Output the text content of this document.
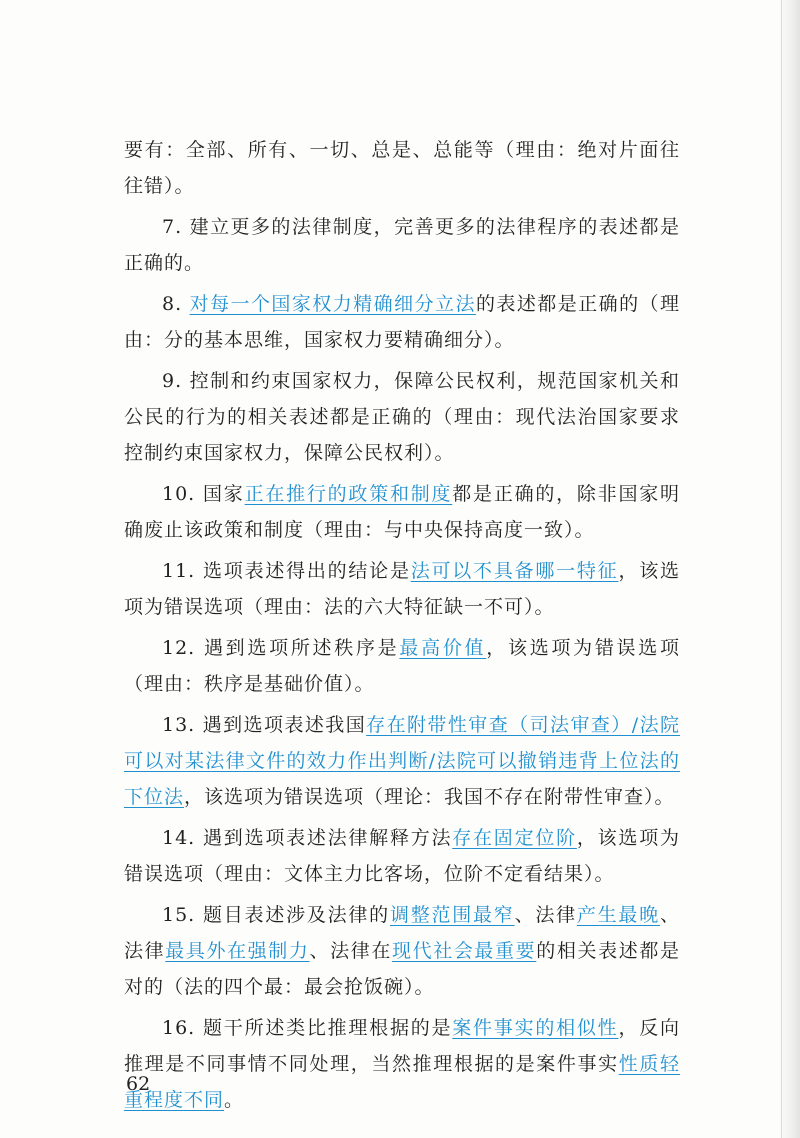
要有：全部、所有、一切、总是、总能等（理由：绝对片面往往错）。

7. 建立更多的法律制度，完善更多的法律程序的表述都是正确的。

8. 对每一个国家权力精确细分立法的表述都是正确的（理由：分的基本思维，国家权力要精确细分）。

9. 控制和约束国家权力，保障公民权利，规范国家机关和公民的行为的相关表述都是正确的（理由：现代法治国家要求控制约束国家权力，保障公民权利）。

10. 国家正在推行的政策和制度都是正确的，除非国家明确废止该政策和制度（理由：与中央保持高度一致）。

11. 选项表述得出的结论是法可以不具备哪一特征，该选项为错误选项（理由：法的六大特征缺一不可）。

12. 遇到选项所述秩序是最高价值，该选项为错误选项（理由：秩序是基础价值）。

13. 遇到选项表述我国存在附带性审查（司法审查）/法院可以对某法律文件的效力作出判断/法院可以撤销违背上位法的下位法，该选项为错误选项（理论：我国不存在附带性审查）。

14. 遇到选项表述法律解释方法存在固定位阶，该选项为错误选项（理由：文体主力比客场，位阶不定看结果）。

15. 题目表述涉及法律的调整范围最窄、法律产生最晚、法律最具外在强制力、法律在现代社会最重要的相关表述都是对的（法的四个最：最会抢饭碗）。

16. 题干所述类比推理根据的是案件事实的相似性，反向推理是不同事情不同处理，当然推理根据的是案件事实性质轻重程度不同。

62
